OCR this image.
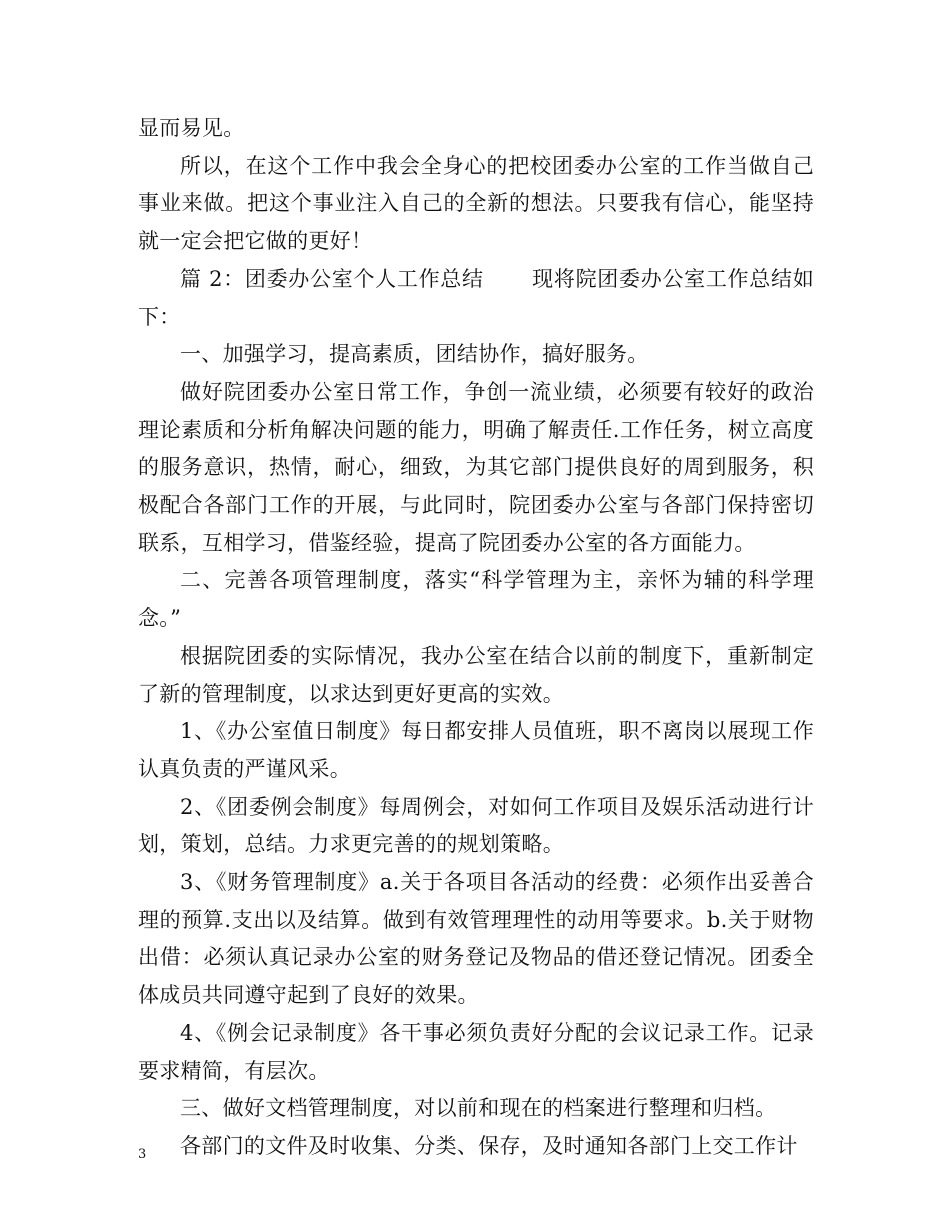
显而易见。

所以，在这个工作中我会全身心的把校团委办公室的工作当做自己事业来做。把这个事业注入自己的全新的想法。只要我有信心，能坚持就一定会把它做的更好！

篇 2：团委办公室个人工作总结 现将院团委办公室工作总结如下：

一、加强学习，提高素质，团结协作，搞好服务。

做好院团委办公室日常工作，争创一流业绩，必须要有较好的政治理论素质和分析角解决问题的能力，明确了解责任.工作任务，树立高度的服务意识，热情，耐心，细致，为其它部门提供良好的周到服务，积极配合各部门工作的开展，与此同时，院团委办公室与各部门保持密切联系，互相学习，借鉴经验，提高了院团委办公室的各方面能力。

二、完善各项管理制度，落实“科学管理为主，亲怀为辅的科学理念。”

根据院团委的实际情况，我办公室在结合以前的制度下，重新制定了新的管理制度，以求达到更好更高的实效。

1、《办公室值日制度》每日都安排人员值班，职不离岗以展现工作认真负责的严谨风采。

2、《团委例会制度》每周例会，对如何工作项目及娱乐活动进行计划，策划，总结。力求更完善的的规划策略。

3、《财务管理制度》a.关于各项目各活动的经费：必须作出妥善合理的预算.支出以及结算。做到有效管理理性的动用等要求。b.关于财物出借：必须认真记录办公室的财务登记及物品的借还登记情况。团委全体成员共同遵守起到了良好的效果。

4、《例会记录制度》各干事必须负责好分配的会议记录工作。记录要求精简，有层次。

三、做好文档管理制度，对以前和现在的档案进行整理和归档。

各部门的文件及时收集、分类、保存，及时通知各部门上交工作计

3
